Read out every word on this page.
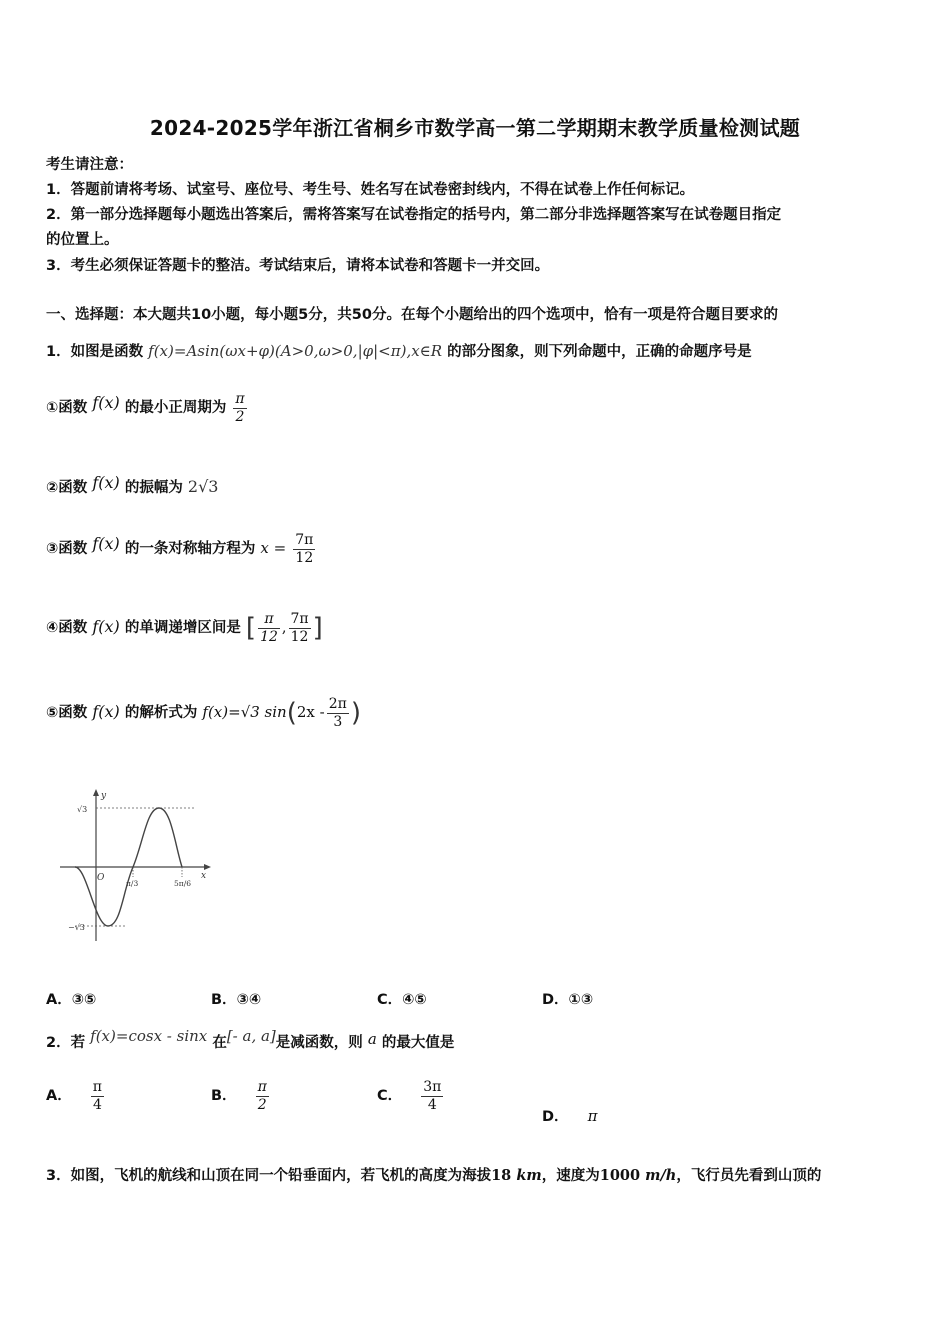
2024-2025学年浙江省桐乡市数学高一第二学期期末教学质量检测试题
考生请注意：
1．答题前请将考场、试室号、座位号、考生号、姓名写在试卷密封线内，不得在试卷上作任何标记。
2．第一部分选择题每小题选出答案后，需将答案写在试卷指定的括号内，第二部分非选择题答案写在试卷题目指定
的位置上。
3．考生必须保证答题卡的整洁。考试结束后，请将本试卷和答题卡一并交回。
一、选择题：本大题共10小题，每小题5分，共50分。在每个小题给出的四个选项中，恰有一项是符合题目要求的
1．如图是函数 f(x)=Asin(ωx+φ)(A>0,ω>0,|φ|<π),x∈R 的部分图象，则下列命题中，正确的命题序号是
①函数 f(x) 的最小正周期为 $\frac{\pi}{2}$
②函数 f(x) 的振幅为 2√3
③函数 f(x) 的一条对称轴方程为 $x = \frac{7\pi}{12}$
④函数 f(x) 的单调递增区间是 [ $\frac{\pi}{12}$ , $\frac{7\pi}{12}$ ]
⑤函数 f(x) 的解析式为 f(x)=√3 $\sin(2x - \frac{2\pi}{3}$ )
y
x
O
√3
−√3
π/3	5π/6
A．③⑤	B．③④	C．④⑤	D．①③
2．若 f(x)=cosx - sinx 在[- a, a]是减函数，则 a 的最大值是
A． $\frac{\pi}{4}$	B． $\frac{\pi}{2}$	C． $\frac{3\pi}{4}$
D． π
3．如图，飞机的航线和山顶在同一个铅垂面内，若飞机的高度为海拔18 km，速度为1000 m/h，飞行员先看到山顶的
